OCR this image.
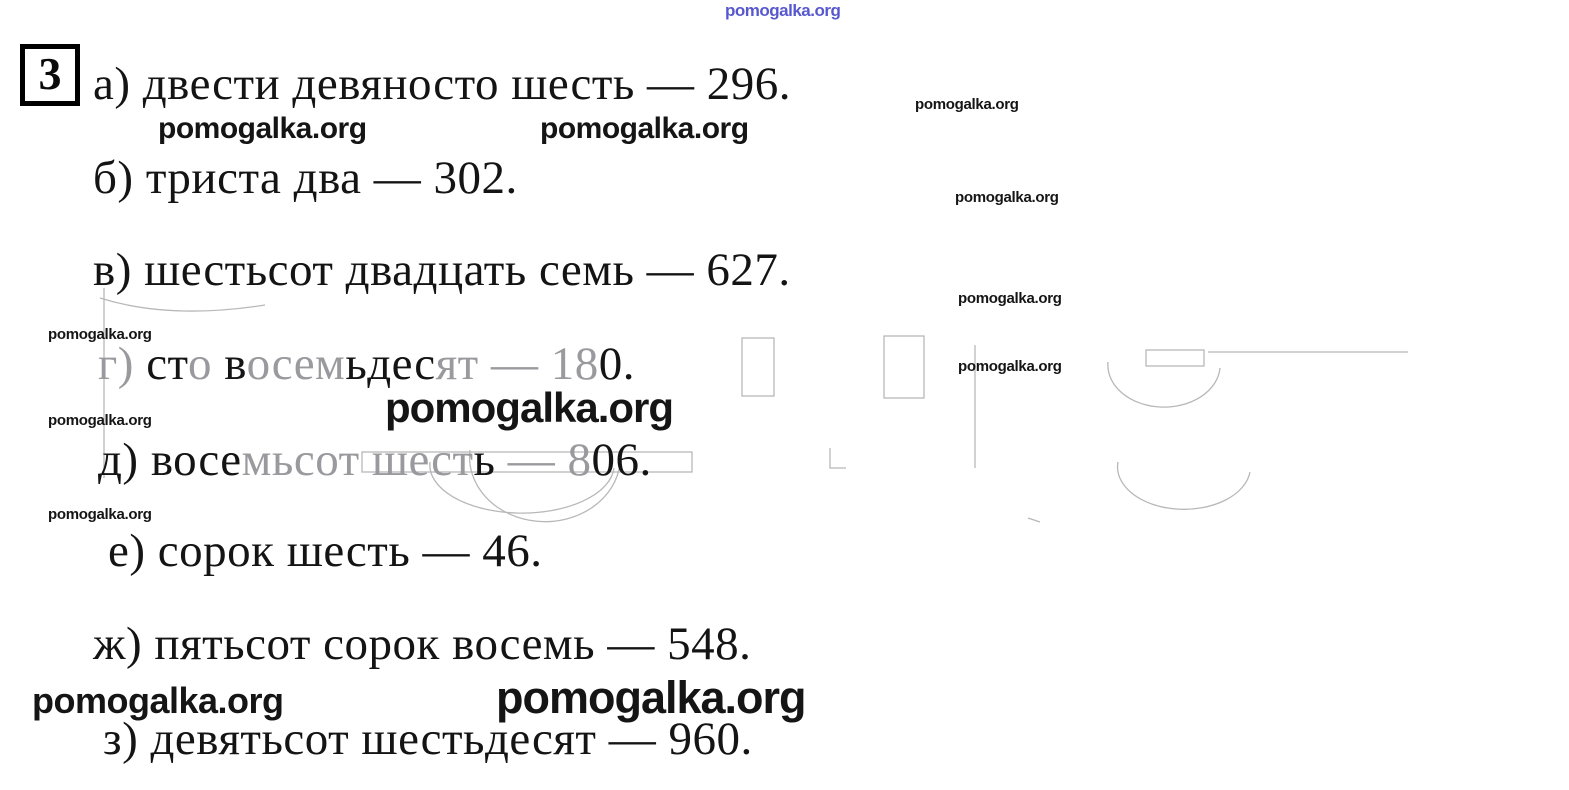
pomogalka.org
3 а) двести девяносто шесть — 296.
б) триста два — 302.
в) шестьсот двадцать семь — 627.
г) сто восемьдесят — 180.
д) восемьсот шесть — 806.
е) сорок шесть — 46.
ж) пятьсот сорок восемь — 548.
з) девятьсот шестьдесят — 960.
pomogalka.org	pomogalka.org
pomogalka.org
pomogalka.org
pomogalka.org
pomogalka.org
pomogalka.org
pomogalka.org
pomogalka.org
pomogalka.org
pomogalka.org	pomogalka.org
